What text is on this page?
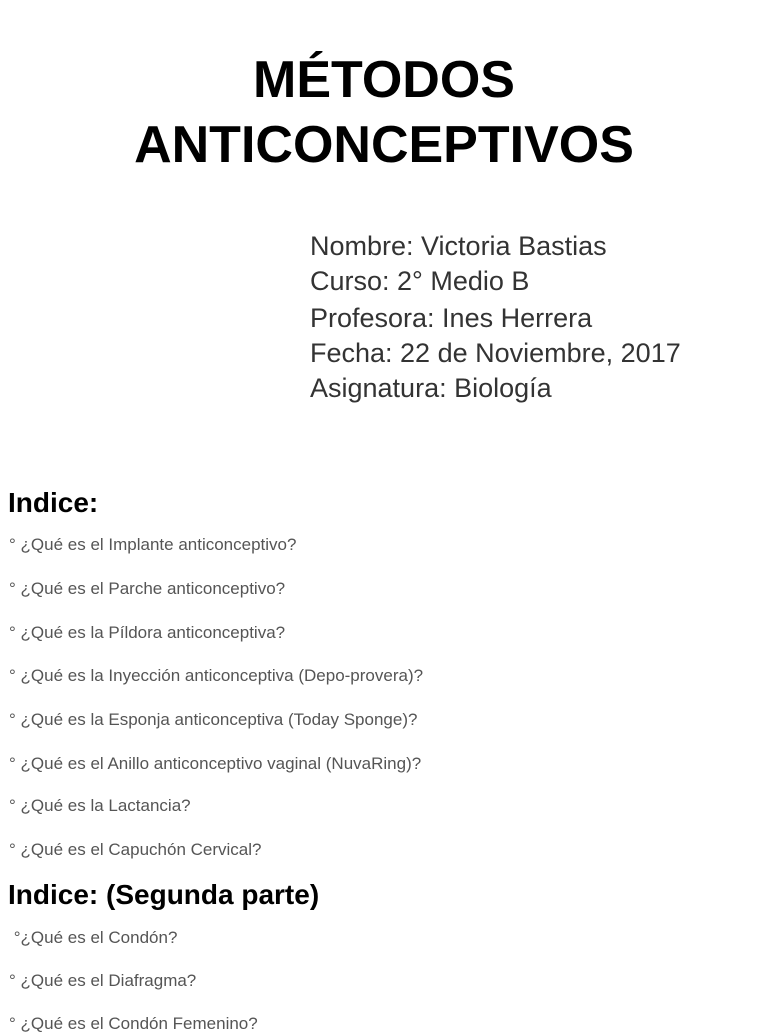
MÉTODOS
ANTICONCEPTIVOS
Nombre: Victoria Bastias
Curso: 2° Medio B
Profesora: Ines Herrera
Fecha: 22 de Noviembre, 2017
Asignatura: Biología
Indice:
° ¿Qué es el Implante anticonceptivo?
° ¿Qué es el Parche anticonceptivo?
° ¿Qué es la Píldora anticonceptiva?
° ¿Qué es la Inyección anticonceptiva (Depo-provera)?
° ¿Qué es la Esponja anticonceptiva (Today Sponge)?
° ¿Qué es el Anillo anticonceptivo vaginal (NuvaRing)?
° ¿Qué es la Lactancia?
° ¿Qué es el Capuchón Cervical?
Indice: (Segunda parte)
°¿Qué es el Condón?
° ¿Qué es el Diafragma?
° ¿Qué es el Condón Femenino?
